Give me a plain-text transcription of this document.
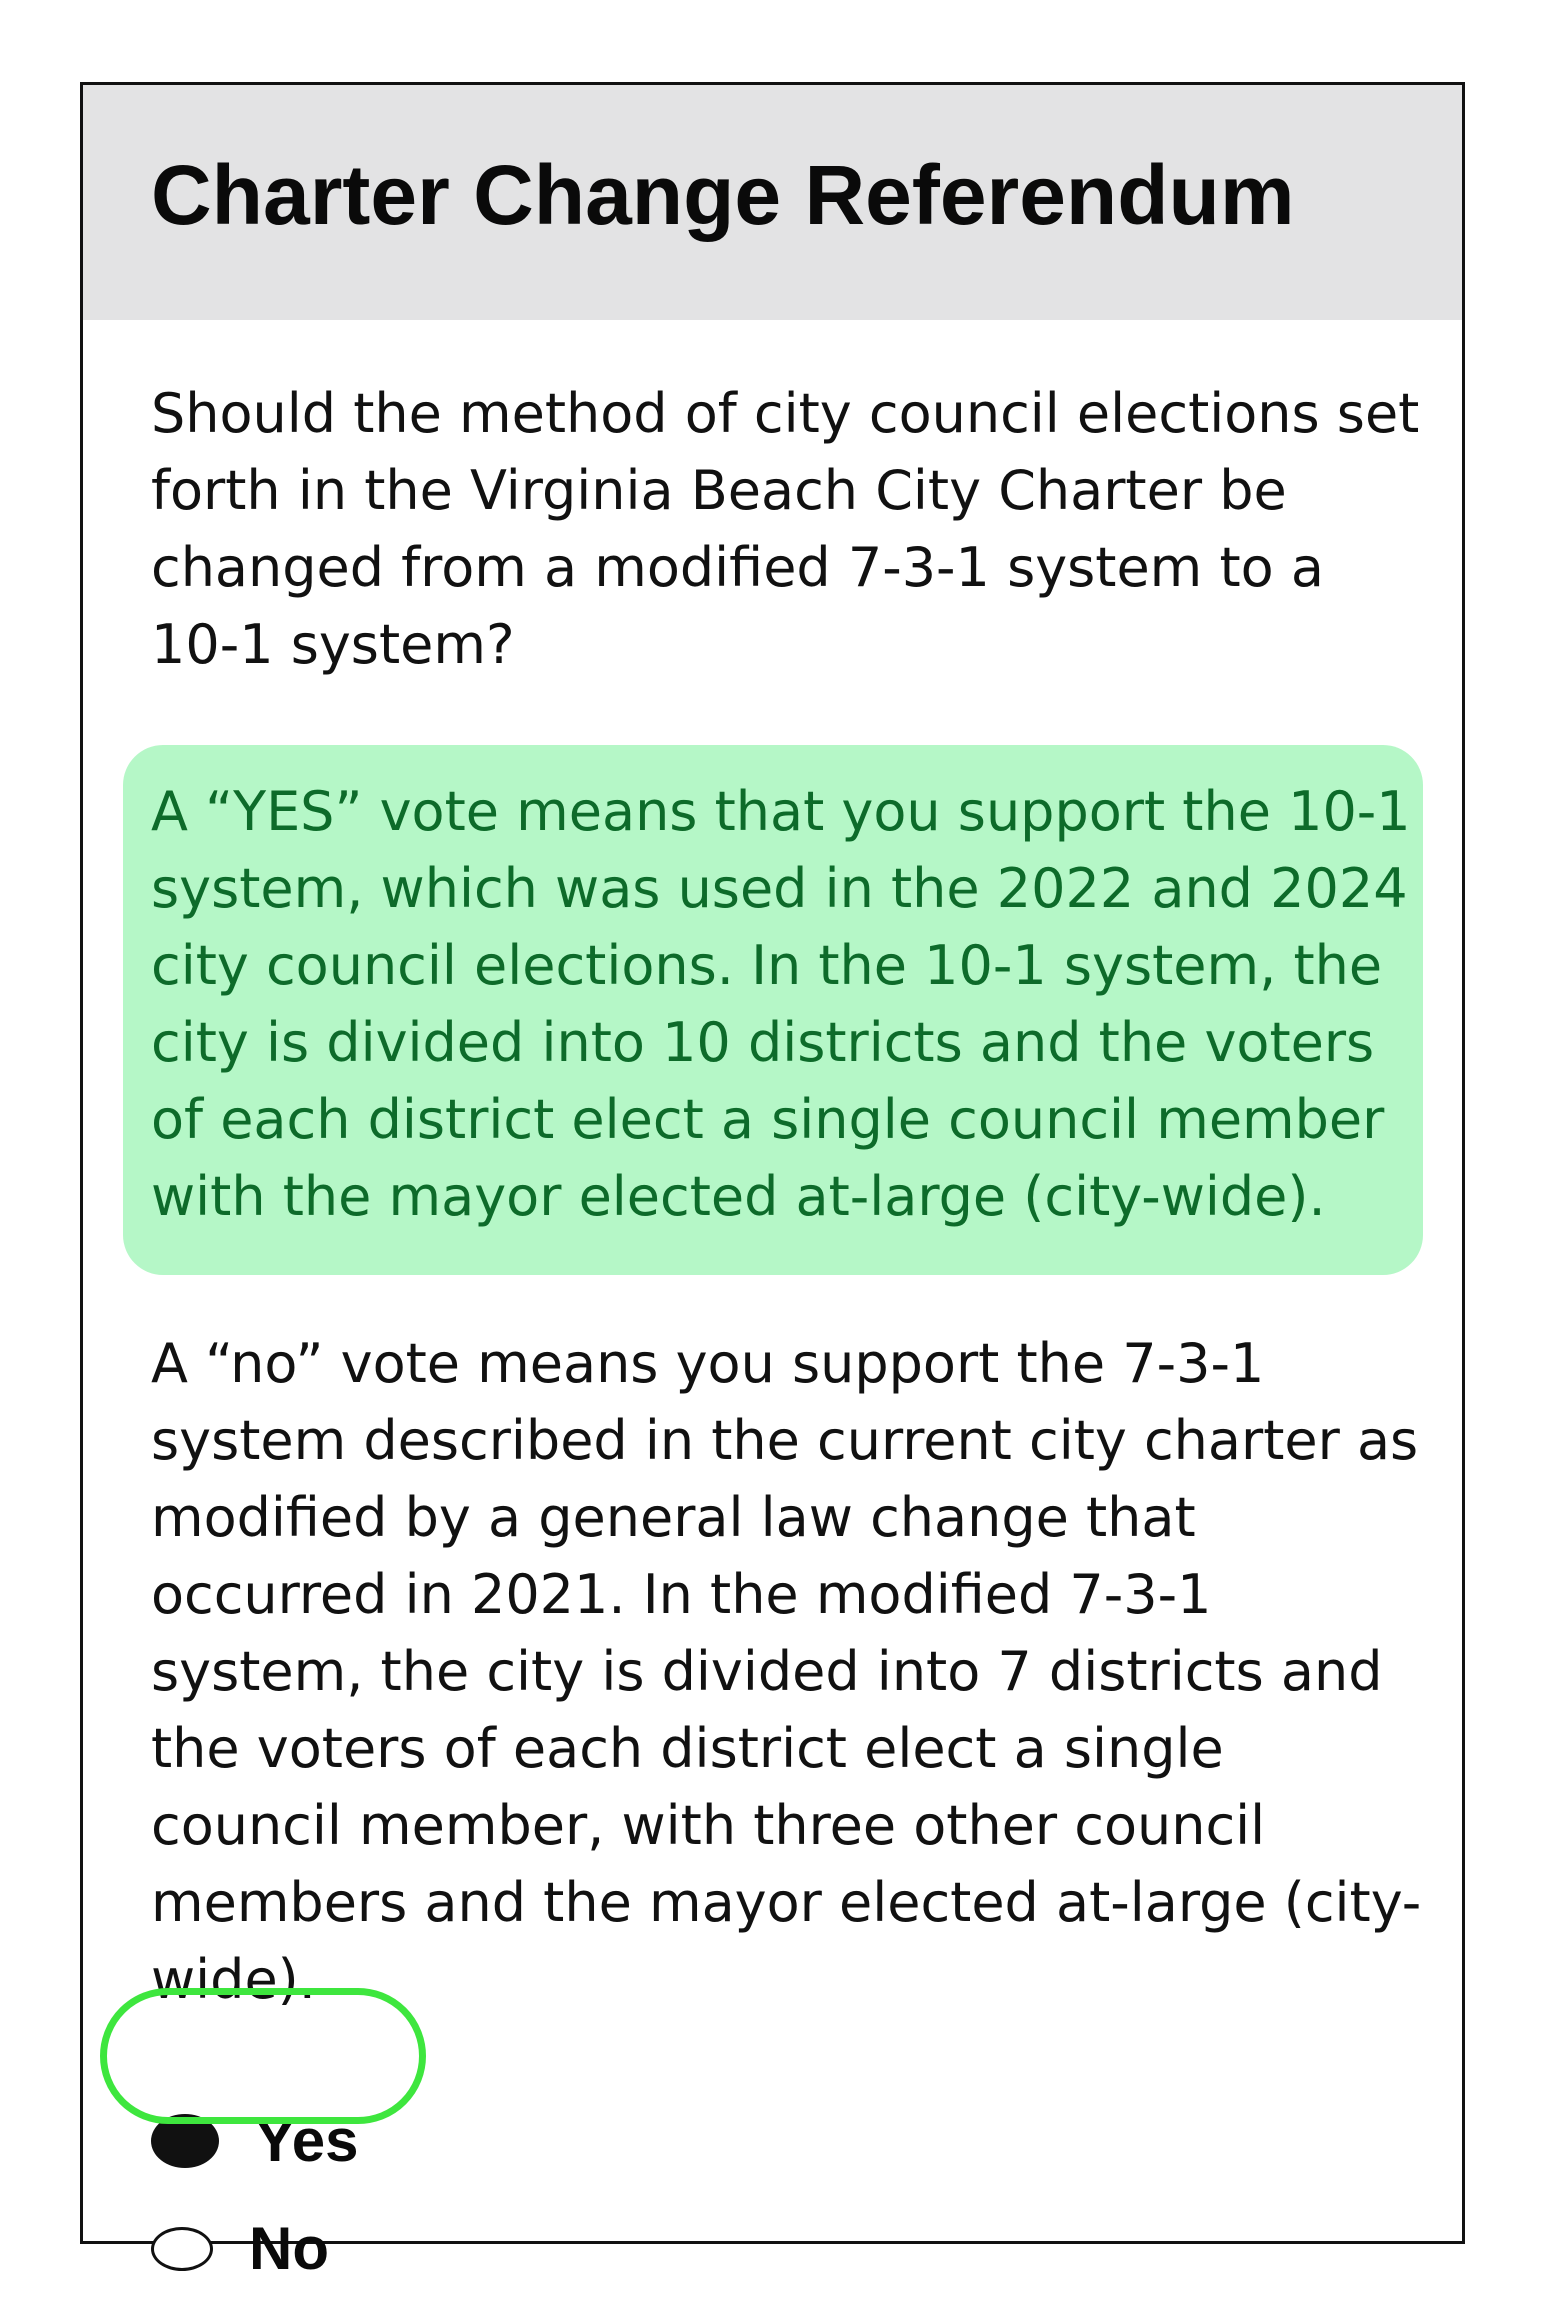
Charter Change Referendum

Should the method of city council elections set forth in the Virginia Beach City Charter be changed from a modified 7-3-1 system to a 10-1 system?

A “YES” vote means that you support the 10-1 system, which was used in the 2022 and 2024 city council elections. In the 10-1 system, the city is divided into 10 districts and the voters of each district elect a single council member with the mayor elected at-large (city-wide).

A “no” vote means you support the 7-3-1 system described in the current city charter as modified by a general law change that occurred in 2021. In the modified 7-3-1 system, the city is divided into 7 districts and the voters of each district elect a single council member, with three other council members and the mayor elected at-large (city-wide).

Yes
No
